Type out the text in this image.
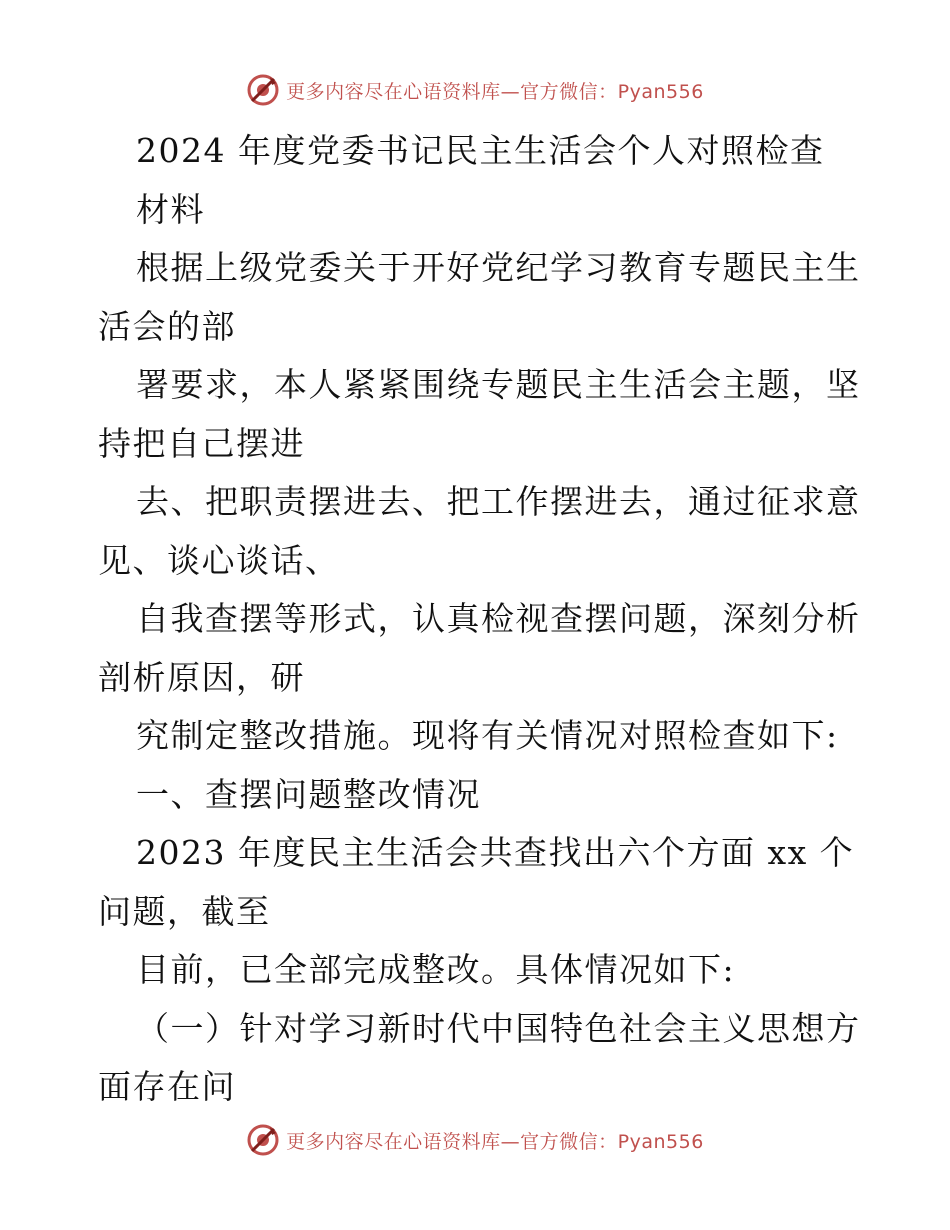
更多内容尽在心语资料库—官方微信：Pyan556
2024 年度党委书记民主生活会个人对照检查
材料
根据上级党委关于开好党纪学习教育专题民主生
活会的部
署要求，本人紧紧围绕专题民主生活会主题，坚
持把自己摆进
去、把职责摆进去、把工作摆进去，通过征求意
见、谈心谈话、
自我查摆等形式，认真检视查摆问题，深刻分析
剖析原因，研
究制定整改措施。现将有关情况对照检查如下:
一、查摆问题整改情况
2023 年度民主生活会共查找出六个方面 xx 个
问题，截至
目前，已全部完成整改。具体情况如下:
（一）针对学习新时代中国特色社会主义思想方
面存在问
更多内容尽在心语资料库—官方微信：Pyan556
